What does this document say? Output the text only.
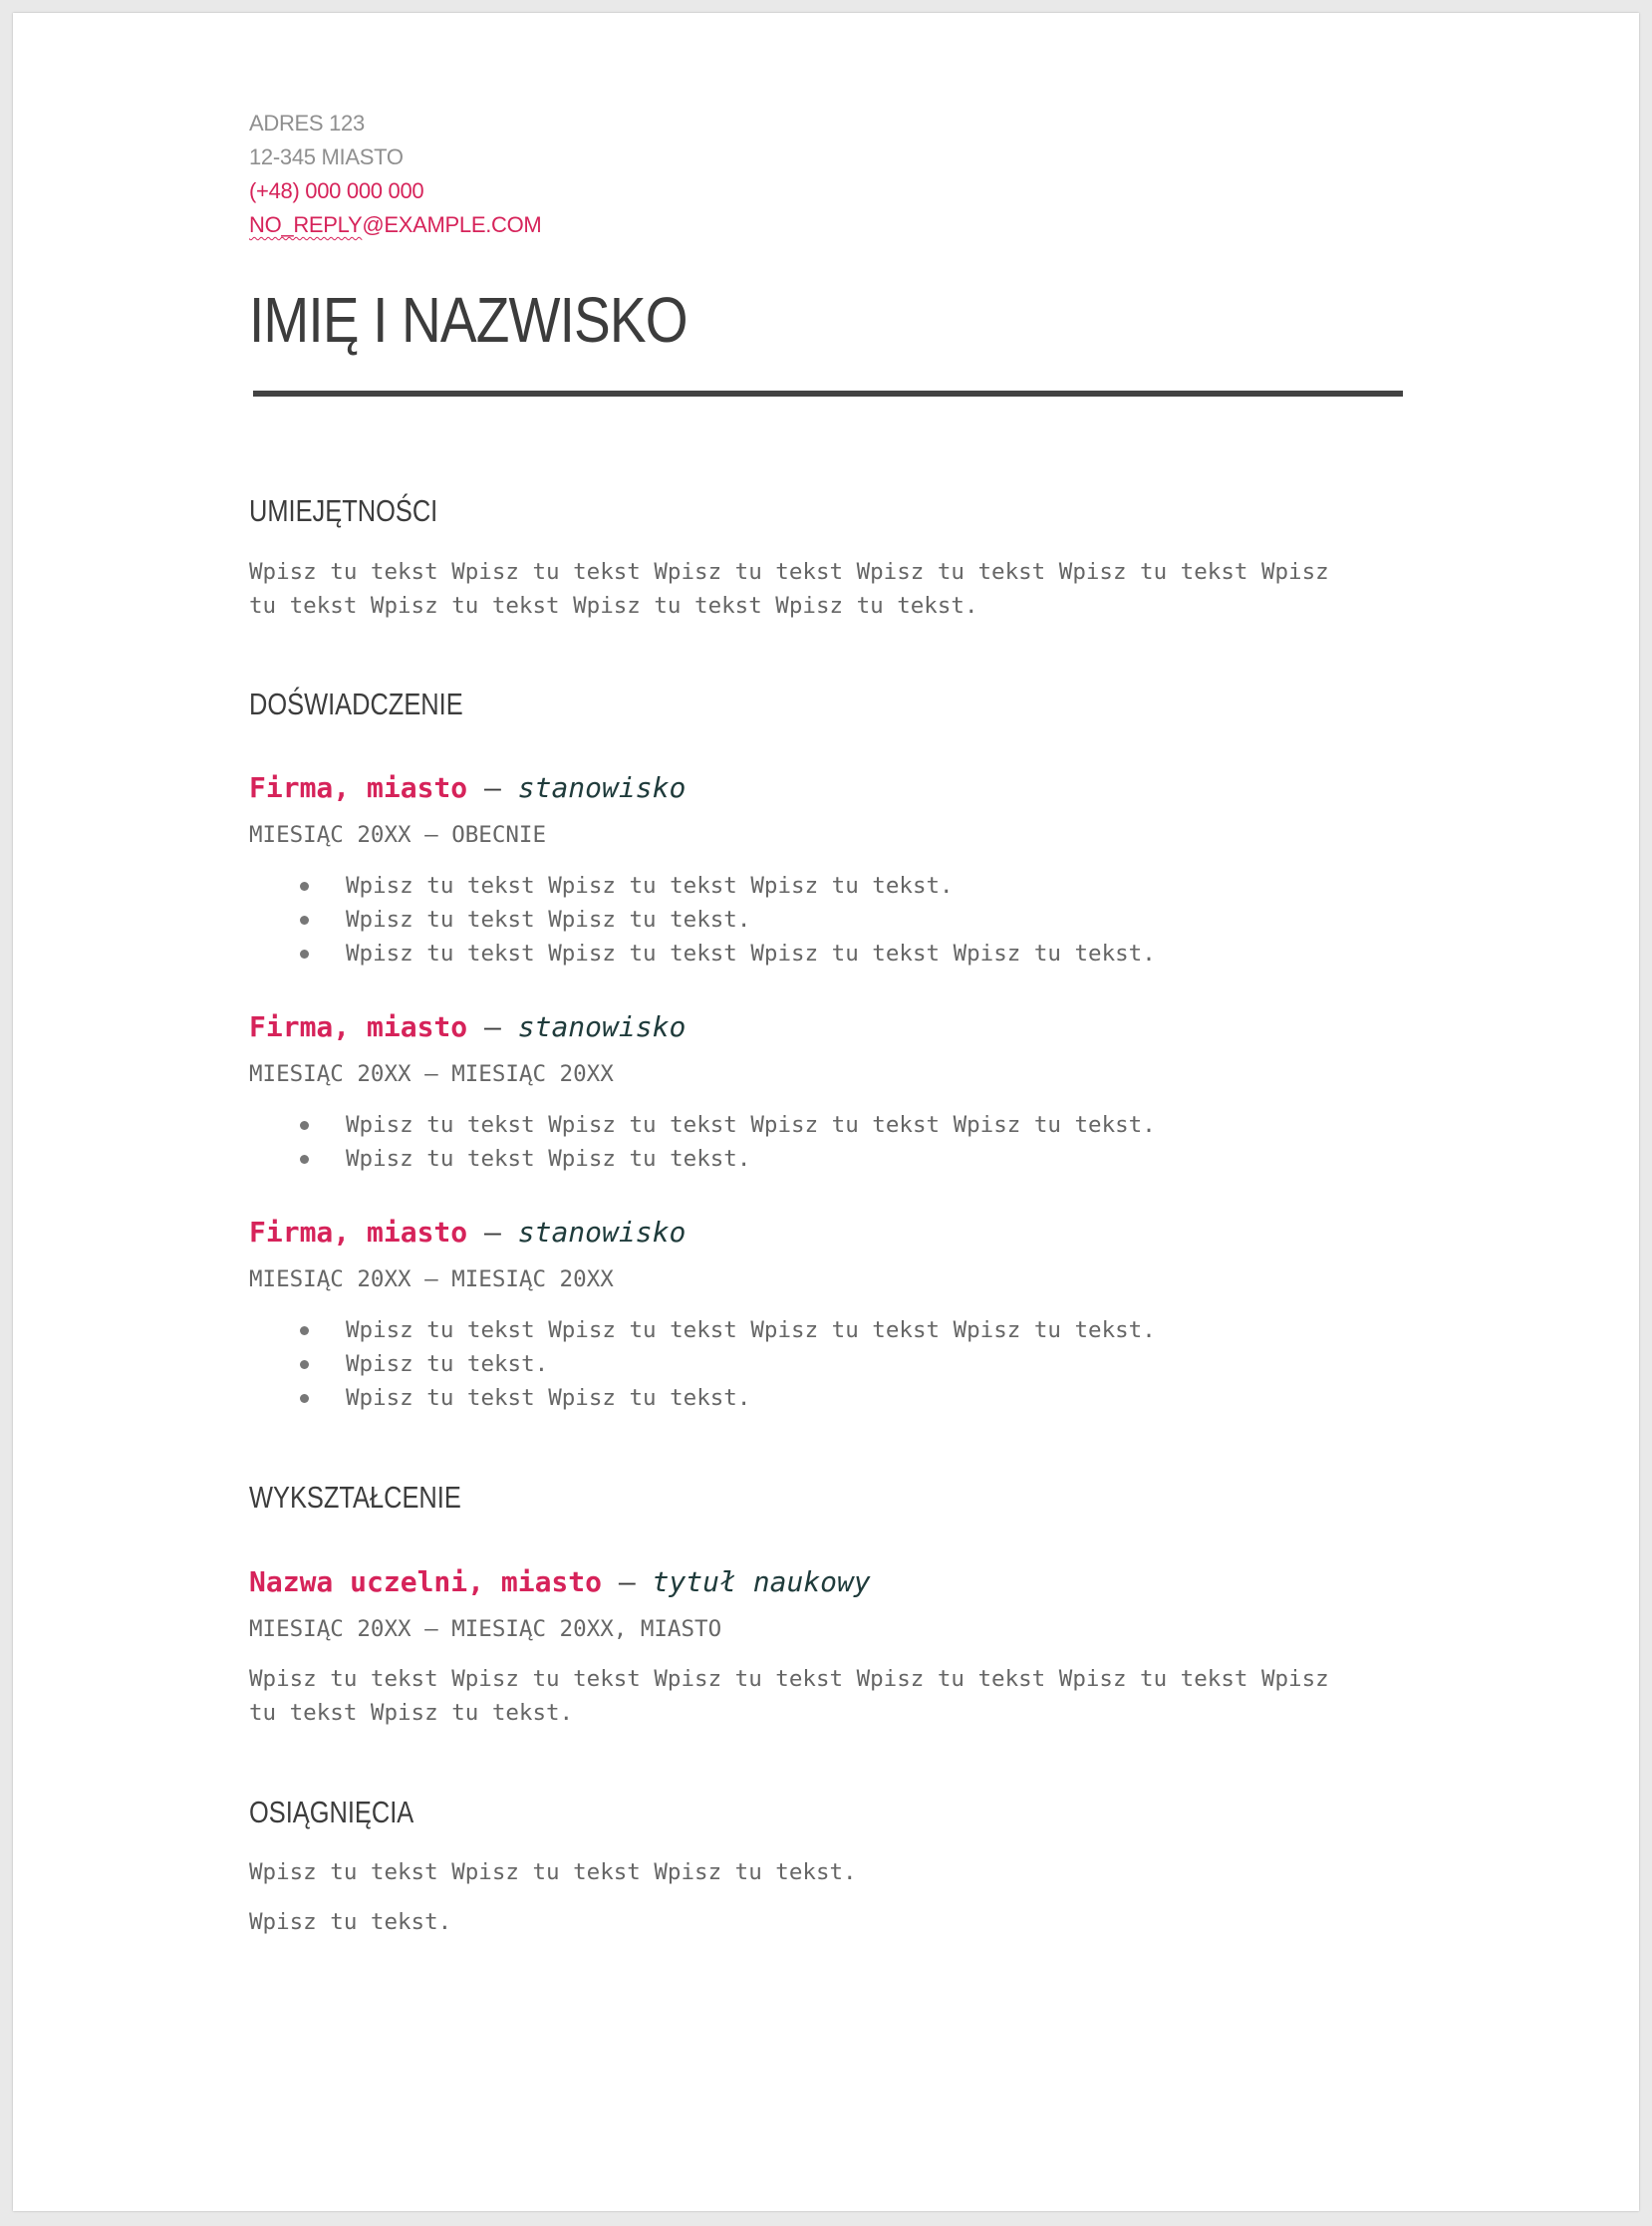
ADRES 123
12-345 MIASTO
(+48) 000 000 000
NO_REPLY@EXAMPLE.COM
IMIĘ I NAZWISKO
UMIEJĘTNOŚCI
Wpisz tu tekst Wpisz tu tekst Wpisz tu tekst Wpisz tu tekst Wpisz tu tekst Wpisz
tu tekst Wpisz tu tekst Wpisz tu tekst Wpisz tu tekst.
DOŚWIADCZENIE
Firma, miasto — stanowisko
MIESIĄC 20XX – OBECNIE
Wpisz tu tekst Wpisz tu tekst Wpisz tu tekst.
Wpisz tu tekst Wpisz tu tekst.
Wpisz tu tekst Wpisz tu tekst Wpisz tu tekst Wpisz tu tekst.
Firma, miasto — stanowisko
MIESIĄC 20XX – MIESIĄC 20XX
Wpisz tu tekst Wpisz tu tekst Wpisz tu tekst Wpisz tu tekst.
Wpisz tu tekst Wpisz tu tekst.
Firma, miasto — stanowisko
MIESIĄC 20XX – MIESIĄC 20XX
Wpisz tu tekst Wpisz tu tekst Wpisz tu tekst Wpisz tu tekst.
Wpisz tu tekst.
Wpisz tu tekst Wpisz tu tekst.
WYKSZTAŁCENIE
Nazwa uczelni, miasto — tytuł naukowy
MIESIĄC 20XX – MIESIĄC 20XX, MIASTO
Wpisz tu tekst Wpisz tu tekst Wpisz tu tekst Wpisz tu tekst Wpisz tu tekst Wpisz
tu tekst Wpisz tu tekst.
OSIĄGNIĘCIA
Wpisz tu tekst Wpisz tu tekst Wpisz tu tekst.
Wpisz tu tekst.
